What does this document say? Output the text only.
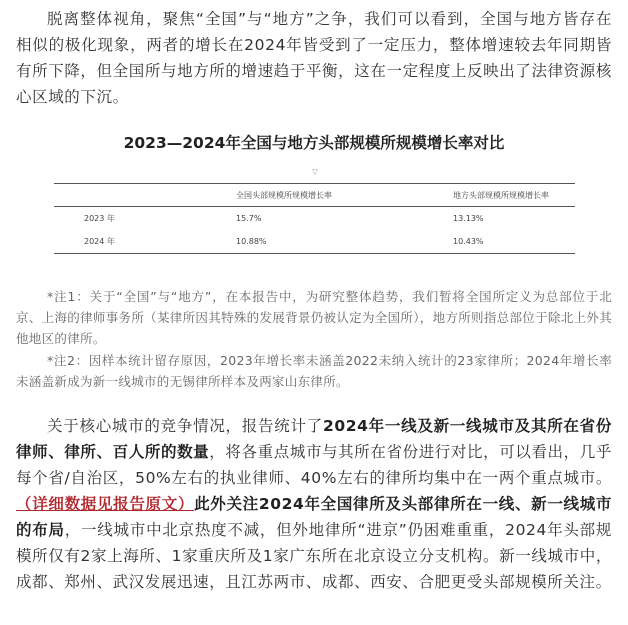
脱离整体视角，聚焦“全国”与“地方”之争，我们可以看到，全国与地方皆存在相似的极化现象，两者的增长在2024年皆受到了一定压力，整体增速较去年同期皆有所下降，但全国所与地方所的增速趋于平衡，这在一定程度上反映出了法律资源核心区域的下沉。

2023—2024年全国与地方头部规模所规模增长率对比
▽
	全国头部规模所规模增长率	地方头部规模所规模增长率
2023 年	15.7%	13.13%
2024 年	10.88%	10.43%

*注1：关于“全国”与“地方”，在本报告中，为研究整体趋势，我们暂将全国所定义为总部位于北京、上海的律师事务所（某律所因其特殊的发展背景仍被认定为全国所），地方所则指总部位于除北上外其他地区的律所。

*注2：因样本统计留存原因，2023年增长率未涵盖2022未纳入统计的23家律所；2024年增长率未涵盖新成为新一线城市的无锡律所样本及两家山东律所。

关于核心城市的竞争情况，报告统计了2024年一线及新一线城市及其所在省份律师、律所、百人所的数量，将各重点城市与其所在省份进行对比，可以看出，几乎每个省/自治区，50%左右的执业律师、40%左右的律所均集中在一两个重点城市。（详细数据见报告原文）此外关注2024年全国律所及头部律所在一线、新一线城市的布局，一线城市中北京热度不减，但外地律所“进京”仍困难重重，2024年头部规模所仅有2家上海所、1家重庆所及1家广东所在北京设立分支机构。新一线城市中，成都、郑州、武汉发展迅速，且江苏两市、成都、西安、合肥更受头部规模所关注。
